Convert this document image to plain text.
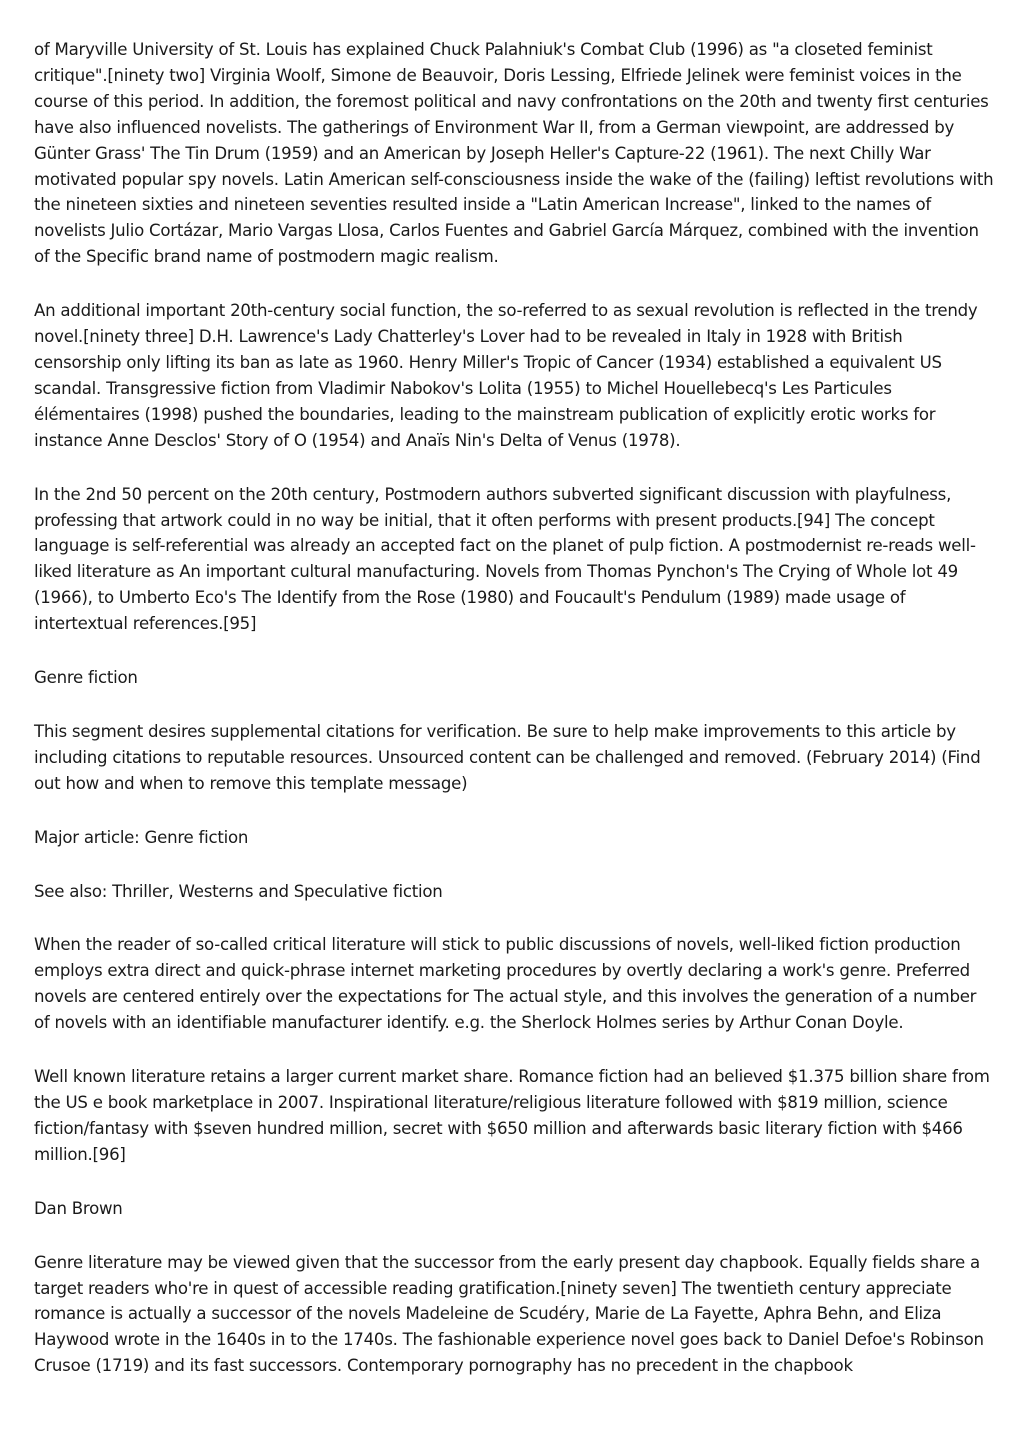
of Maryville University of St. Louis has explained Chuck Palahniuk's Combat Club (1996) as "a closeted feminist critique".[ninety two] Virginia Woolf, Simone de Beauvoir, Doris Lessing, Elfriede Jelinek were feminist voices in the course of this period. In addition, the foremost political and navy confrontations on the 20th and twenty first centuries have also influenced novelists. The gatherings of Environment War II, from a German viewpoint, are addressed by Günter Grass' The Tin Drum (1959) and an American by Joseph Heller's Capture-22 (1961). The next Chilly War motivated popular spy novels. Latin American self-consciousness inside the wake of the (failing) leftist revolutions with the nineteen sixties and nineteen seventies resulted inside a "Latin American Increase", linked to the names of novelists Julio Cortázar, Mario Vargas Llosa, Carlos Fuentes and Gabriel García Márquez, combined with the invention of the Specific brand name of postmodern magic realism.

An additional important 20th-century social function, the so-referred to as sexual revolution is reflected in the trendy novel.[ninety three] D.H. Lawrence's Lady Chatterley's Lover had to be revealed in Italy in 1928 with British censorship only lifting its ban as late as 1960. Henry Miller's Tropic of Cancer (1934) established a equivalent US scandal. Transgressive fiction from Vladimir Nabokov's Lolita (1955) to Michel Houellebecq's Les Particules élémentaires (1998) pushed the boundaries, leading to the mainstream publication of explicitly erotic works for instance Anne Desclos' Story of O (1954) and Anaïs Nin's Delta of Venus (1978).

In the 2nd 50 percent on the 20th century, Postmodern authors subverted significant discussion with playfulness, professing that artwork could in no way be initial, that it often performs with present products.[94] The concept language is self-referential was already an accepted fact on the planet of pulp fiction. A postmodernist re-reads well-liked literature as An important cultural manufacturing. Novels from Thomas Pynchon's The Crying of Whole lot 49 (1966), to Umberto Eco's The Identify from the Rose (1980) and Foucault's Pendulum (1989) made usage of intertextual references.[95]

Genre fiction

This segment desires supplemental citations for verification. Be sure to help make improvements to this article by including citations to reputable resources. Unsourced content can be challenged and removed. (February 2014) (Find out how and when to remove this template message)

Major article: Genre fiction

See also: Thriller, Westerns and Speculative fiction

When the reader of so-called critical literature will stick to public discussions of novels, well-liked fiction production employs extra direct and quick-phrase internet marketing procedures by overtly declaring a work's genre. Preferred novels are centered entirely over the expectations for The actual style, and this involves the generation of a number of novels with an identifiable manufacturer identify. e.g. the Sherlock Holmes series by Arthur Conan Doyle.

Well known literature retains a larger current market share. Romance fiction had an believed $1.375 billion share from the US e book marketplace in 2007. Inspirational literature/religious literature followed with $819 million, science fiction/fantasy with $seven hundred million, secret with $650 million and afterwards basic literary fiction with $466 million.[96]

Dan Brown

Genre literature may be viewed given that the successor from the early present day chapbook. Equally fields share a target readers who're in quest of accessible reading gratification.[ninety seven] The twentieth century appreciate romance is actually a successor of the novels Madeleine de Scudéry, Marie de La Fayette, Aphra Behn, and Eliza Haywood wrote in the 1640s in to the 1740s. The fashionable experience novel goes back to Daniel Defoe's Robinson Crusoe (1719) and its fast successors. Contemporary pornography has no precedent in the chapbook
